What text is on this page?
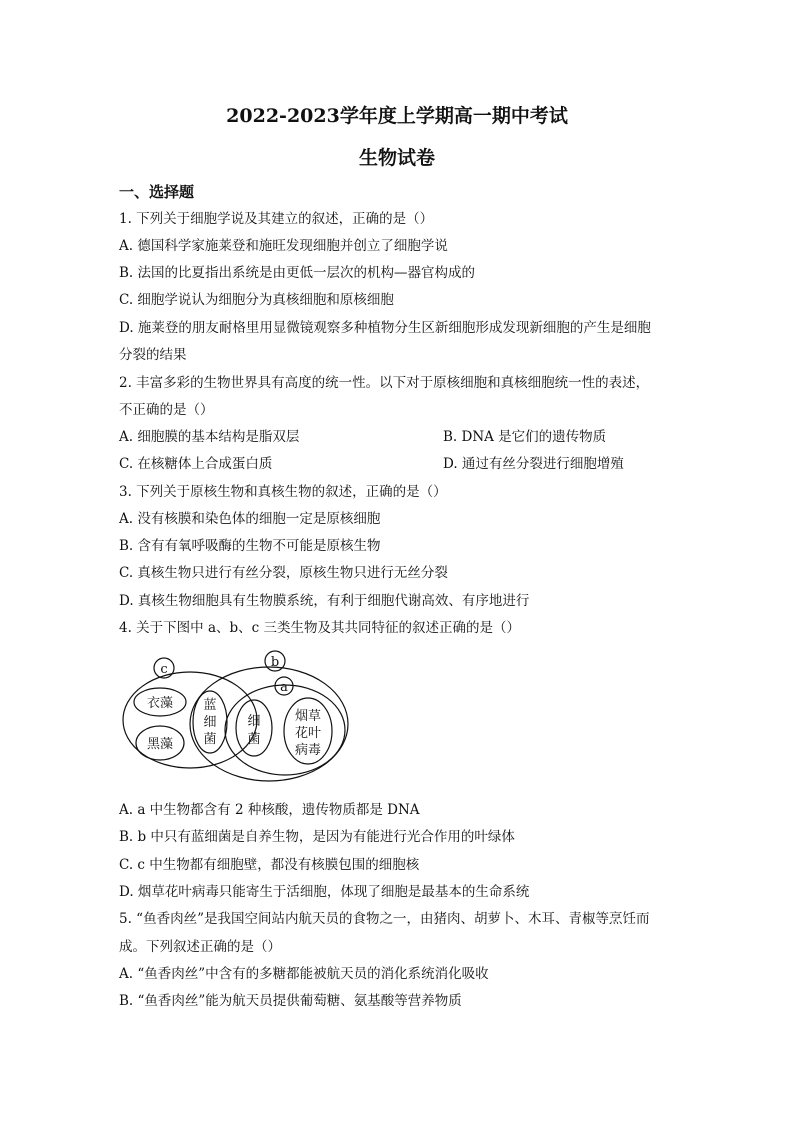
2022-2023学年度上学期高一期中考试
生物试卷
一、选择题
1. 下列关于细胞学说及其建立的叙述，正确的是（）
A. 德国科学家施莱登和施旺发现细胞并创立了细胞学说
B. 法国的比夏指出系统是由更低一层次的机构—器官构成的
C. 细胞学说认为细胞分为真核细胞和原核细胞
D. 施莱登的朋友耐格里用显微镜观察多种植物分生区新细胞形成发现新细胞的产生是细胞
分裂的结果
2. 丰富多彩的生物世界具有高度的统一性。以下对于原核细胞和真核细胞统一性的表述，
不正确的是（）
A. 细胞膜的基本结构是脂双层	B. DNA 是它们的遗传物质
C. 在核糖体上合成蛋白质	D. 通过有丝分裂进行细胞增殖
3. 下列关于原核生物和真核生物的叙述，正确的是（）
A. 没有核膜和染色体的细胞一定是原核细胞
B. 含有有氧呼吸酶的生物不可能是原核生物
C. 真核生物只进行有丝分裂，原核生物只进行无丝分裂
D. 真核生物细胞具有生物膜系统，有利于细胞代谢高效、有序地进行
4. 关于下图中 a、b、c 三类生物及其共同特征的叙述正确的是（）
c	b
a
衣藻
黑藻
蓝
细
菌
细
菌
烟草
花叶
病毒
A. a 中生物都含有 2 种核酸，遗传物质都是 DNA
B. b 中只有蓝细菌是自养生物，是因为有能进行光合作用的叶绿体
C. c 中生物都有细胞壁，都没有核膜包围的细胞核
D. 烟草花叶病毒只能寄生于活细胞，体现了细胞是最基本的生命系统
5. “鱼香肉丝”是我国空间站内航天员的食物之一，由猪肉、胡萝卜、木耳、青椒等烹饪而
成。下列叙述正确的是（）
A. “鱼香肉丝”中含有的多糖都能被航天员的消化系统消化吸收
B. “鱼香肉丝”能为航天员提供葡萄糖、氨基酸等营养物质
